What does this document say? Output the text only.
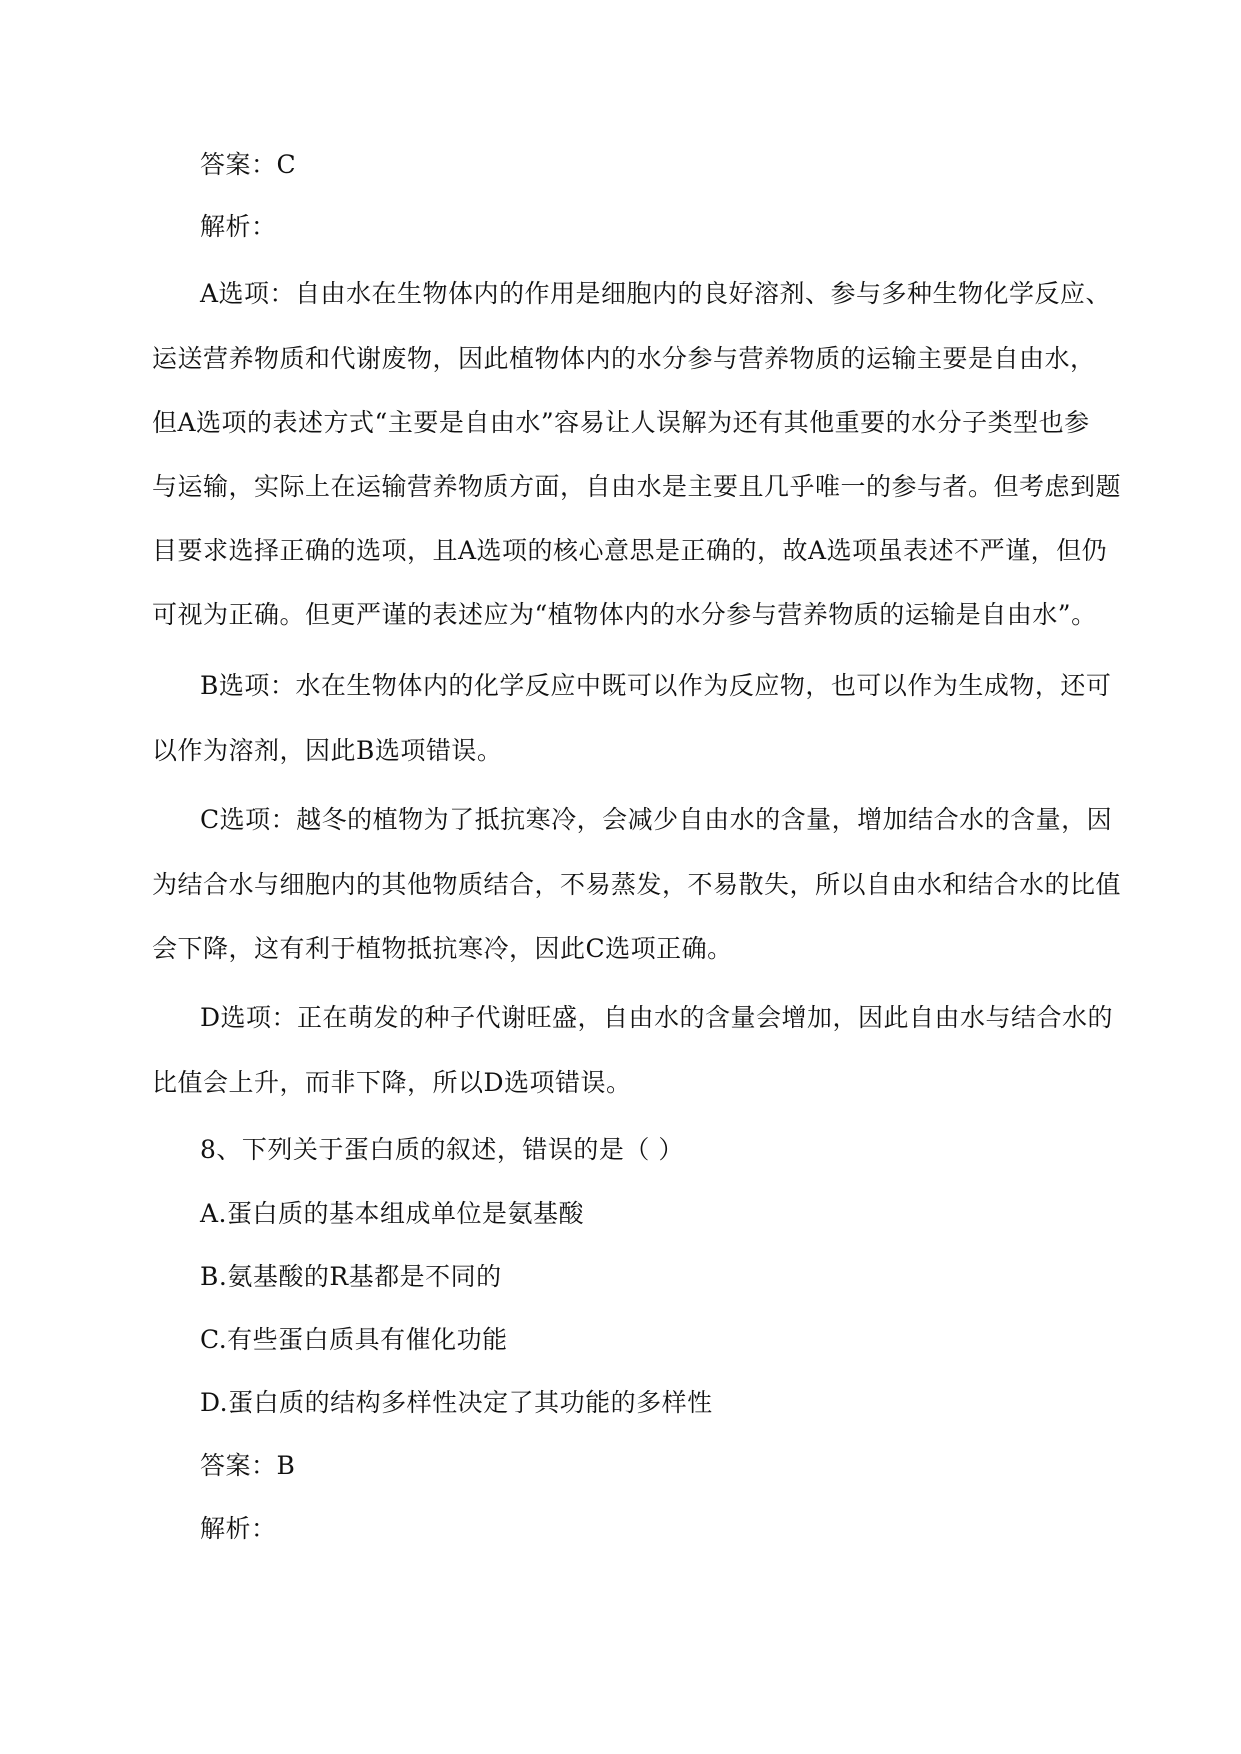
答案：C
解析：
A选项：自由水在生物体内的作用是细胞内的良好溶剂、参与多种生物化学反应、
运送营养物质和代谢废物，因此植物体内的水分参与营养物质的运输主要是自由水，
但A选项的表述方式“主要是自由水”容易让人误解为还有其他重要的水分子类型也参
与运输，实际上在运输营养物质方面，自由水是主要且几乎唯一的参与者。但考虑到题
目要求选择正确的选项，且A选项的核心意思是正确的，故A选项虽表述不严谨，但仍
可视为正确。但更严谨的表述应为“植物体内的水分参与营养物质的运输是自由水”。
B选项：水在生物体内的化学反应中既可以作为反应物，也可以作为生成物，还可
以作为溶剂，因此B选项错误。
C选项：越冬的植物为了抵抗寒冷，会减少自由水的含量，增加结合水的含量，因
为结合水与细胞内的其他物质结合，不易蒸发，不易散失，所以自由水和结合水的比值
会下降，这有利于植物抵抗寒冷，因此C选项正确。
D选项：正在萌发的种子代谢旺盛，自由水的含量会增加，因此自由水与结合水的
比值会上升，而非下降，所以D选项错误。
8、下列关于蛋白质的叙述，错误的是（ ）
A.蛋白质的基本组成单位是氨基酸
B.氨基酸的R基都是不同的
C.有些蛋白质具有催化功能
D.蛋白质的结构多样性决定了其功能的多样性
答案：B
解析：
